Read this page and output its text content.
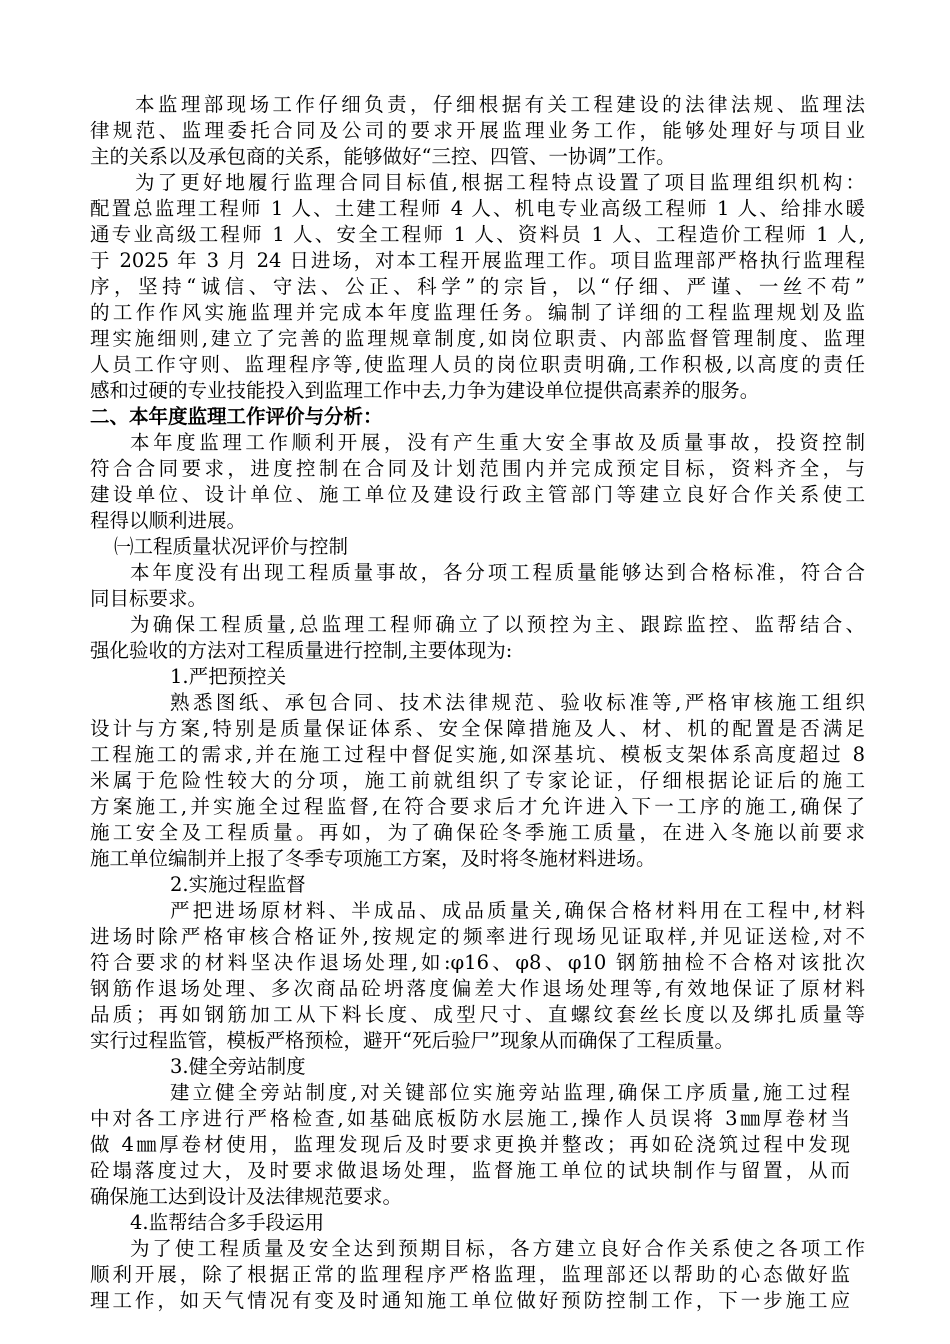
本监理部现场工作仔细负责，仔细根据有关工程建设的法律法规、监理法
律规范、监理委托合同及公司的要求开展监理业务工作，能够处理好与项目业
主的关系以及承包商的关系，能够做好“三控、四管、一协调”工作。
为了更好地履行监理合同目标值,根据工程特点设置了项目监理组织机构：
配置总监理工程师 1 人、土建工程师 4 人、机电专业高级工程师 1 人、给排水暖
通专业高级工程师 1 人、安全工程师 1 人、资料员 1 人、工程造价工程师 1 人,
于 2025 年 3 月 24 日进场，对本工程开展监理工作。项目监理部严格执行监理程
序，坚持“诚信、守法、公正、科学”的宗旨，以“仔细、严谨、一丝不苟”
的工作作风实施监理并完成本年度监理任务。编制了详细的工程监理规划及监
理实施细则,建立了完善的监理规章制度,如岗位职责、内部监督管理制度、监理
人员工作守则、监理程序等,使监理人员的岗位职责明确,工作积极,以高度的责任
感和过硬的专业技能投入到监理工作中去,力争为建设单位提供高素养的服务。
二、本年度监理工作评价与分析：
本年度监理工作顺利开展，没有产生重大安全事故及质量事故，投资控制
符合合同要求，进度控制在合同及计划范围内并完成预定目标，资料齐全，与
建设单位、设计单位、施工单位及建设行政主管部门等建立良好合作关系使工
程得以顺利进展。
㈠工程质量状况评价与控制
本年度没有出现工程质量事故，各分项工程质量能够达到合格标准，符合合
同目标要求。
为确保工程质量,总监理工程师确立了以预控为主、跟踪监控、监帮结合、
强化验收的方法对工程质量进行控制,主要体现为:
1.严把预控关
熟悉图纸、承包合同、技术法律规范、验收标准等,严格审核施工组织
设计与方案,特别是质量保证体系、安全保障措施及人、材、机的配置是否满足
工程施工的需求,并在施工过程中督促实施,如深基坑、模板支架体系高度超过 8
米属于危险性较大的分项，施工前就组织了专家论证，仔细根据论证后的施工
方案施工,并实施全过程监督,在符合要求后才允许进入下一工序的施工,确保了
施工安全及工程质量。再如，为了确保砼冬季施工质量，在进入冬施以前要求
施工单位编制并上报了冬季专项施工方案，及时将冬施材料进场。
2.实施过程监督
严把进场原材料、半成品、成品质量关,确保合格材料用在工程中,材料
进场时除严格审核合格证外,按规定的频率进行现场见证取样,并见证送检,对不
符合要求的材料坚决作退场处理,如:φ16、φ8、φ10 钢筋抽检不合格对该批次
钢筋作退场处理、多次商品砼坍落度偏差大作退场处理等,有效地保证了原材料
品质；再如钢筋加工从下料长度、成型尺寸、直螺纹套丝长度以及绑扎质量等
实行过程监管，模板严格预检，避开“死后验尸”现象从而确保了工程质量。
3.健全旁站制度
建立健全旁站制度,对关键部位实施旁站监理,确保工序质量,施工过程
中对各工序进行严格检查,如基础底板防水层施工,操作人员误将 3㎜厚卷材当
做 4㎜厚卷材使用，监理发现后及时要求更换并整改；再如砼浇筑过程中发现
砼塌落度过大，及时要求做退场处理，监督施工单位的试块制作与留置，从而
确保施工达到设计及法律规范要求。
4.监帮结合多手段运用
为了使工程质量及安全达到预期目标，各方建立良好合作关系使之各项工作
顺利开展，除了根据正常的监理程序严格监理，监理部还以帮助的心态做好监
理工作，如天气情况有变及时通知施工单位做好预防控制工作，下一步施工应
